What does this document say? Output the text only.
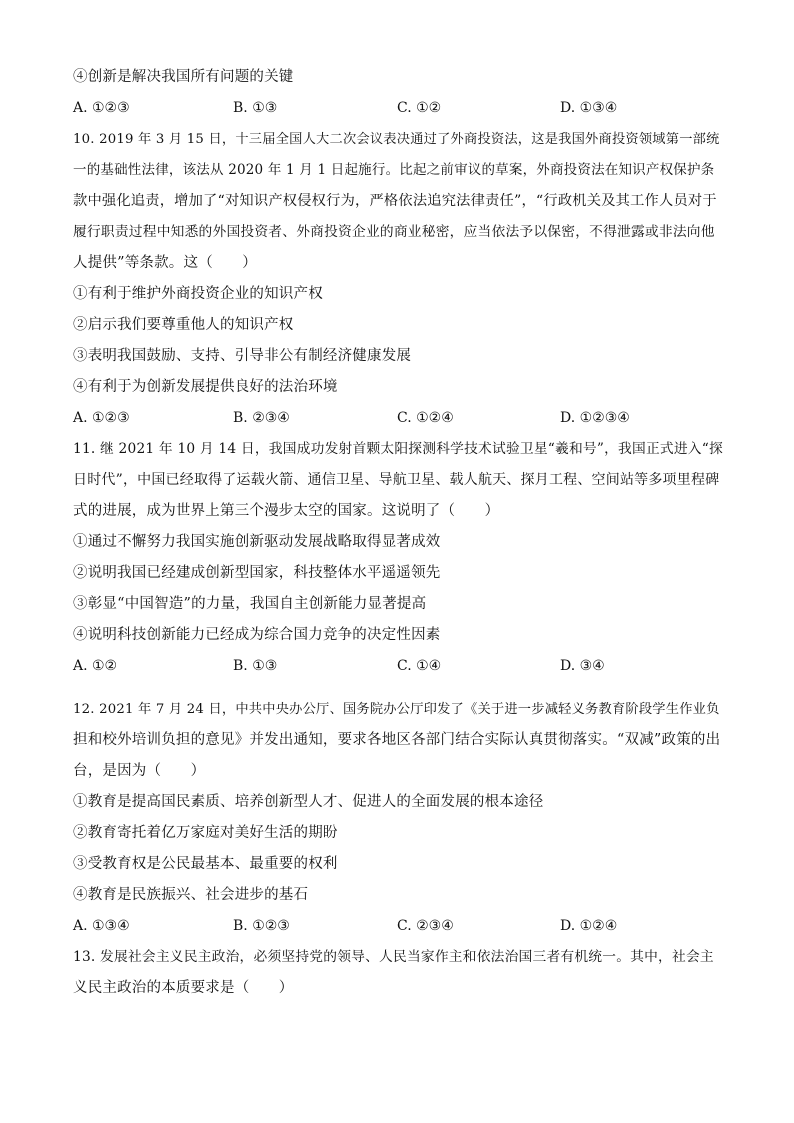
④创新是解决我国所有问题的关键
A. ①②③	B. ①③	C. ①②	D. ①③④
10. 2019 年 3 月 15 日，十三届全国人大二次会议表决通过了外商投资法，这是我国外商投资领域第一部统
一的基础性法律，该法从 2020 年 1 月 1 日起施行。比起之前审议的草案，外商投资法在知识产权保护条
款中强化追责，增加了“对知识产权侵权行为，严格依法追究法律责任”，“行政机关及其工作人员对于
履行职责过程中知悉的外国投资者、外商投资企业的商业秘密，应当依法予以保密，不得泄露或非法向他
人提供”等条款。这（　　）
①有利于维护外商投资企业的知识产权
②启示我们要尊重他人的知识产权
③表明我国鼓励、支持、引导非公有制经济健康发展
④有利于为创新发展提供良好的法治环境
A. ①②③	B. ②③④	C. ①②④	D. ①②③④
11. 继 2021 年 10 月 14 日，我国成功发射首颗太阳探测科学技术试验卫星“羲和号”，我国正式进入“探
日时代”，中国已经取得了运载火箭、通信卫星、导航卫星、载人航天、探月工程、空间站等多项里程碑
式的进展，成为世界上第三个漫步太空的国家。这说明了（　　）
①通过不懈努力我国实施创新驱动发展战略取得显著成效
②说明我国已经建成创新型国家，科技整体水平遥遥领先
③彰显“中国智造”的力量，我国自主创新能力显著提高
④说明科技创新能力已经成为综合国力竞争的决定性因素
A. ①②	B. ①③	C. ①④	D. ③④
12. 2021 年 7 月 24 日，中共中央办公厅、国务院办公厅印发了《关于进一步减轻义务教育阶段学生作业负
担和校外培训负担的意见》并发出通知，要求各地区各部门结合实际认真贯彻落实。“双减”政策的出
台，是因为（　　）
①教育是提高国民素质、培养创新型人才、促进人的全面发展的根本途径
②教育寄托着亿万家庭对美好生活的期盼
③受教育权是公民最基本、最重要的权利
④教育是民族振兴、社会进步的基石
A. ①③④	B. ①②③	C. ②③④	D. ①②④
13. 发展社会主义民主政治，必须坚持党的领导、人民当家作主和依法治国三者有机统一。其中，社会主
义民主政治的本质要求是（　　）
